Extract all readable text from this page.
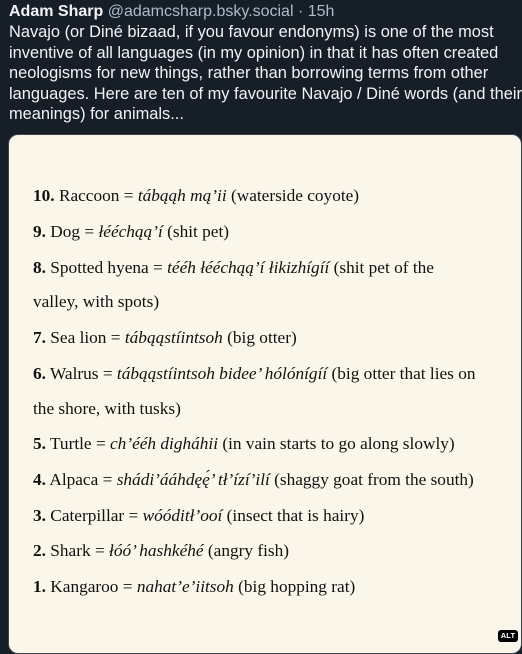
Adam Sharp @adamcsharp.bsky.social · 15h
Navajo (or Diné bizaad, if you favour endonyms) is one of the most
inventive of all languages (in my opinion) in that it has often created
neologisms for new things, rather than borrowing terms from other
languages. Here are ten of my favourite Navajo / Diné words (and their
meanings) for animals...
10. Raccoon = tábąąh mą’ii (waterside coyote)
9. Dog = łééchąą’í (shit pet)
8. Spotted hyena = tééh łééchąą’í łikizhígíí (shit pet of the
valley, with spots)
7. Sea lion = tábąąstíintsoh (big otter)
6. Walrus = tábąąstíintsoh bidee’ hólónígíí (big otter that lies on
the shore, with tusks)
5. Turtle = ch’ééh digháhii (in vain starts to go along slowly)
4. Alpaca = shádi’ááhdęę́’ tł’ízí’ilí (shaggy goat from the south)
3. Caterpillar = wóóditł’ooí (insect that is hairy)
2. Shark = łóó’ hashkéhé (angry fish)
1. Kangaroo = nahat’e’iitsoh (big hopping rat)
ALT
